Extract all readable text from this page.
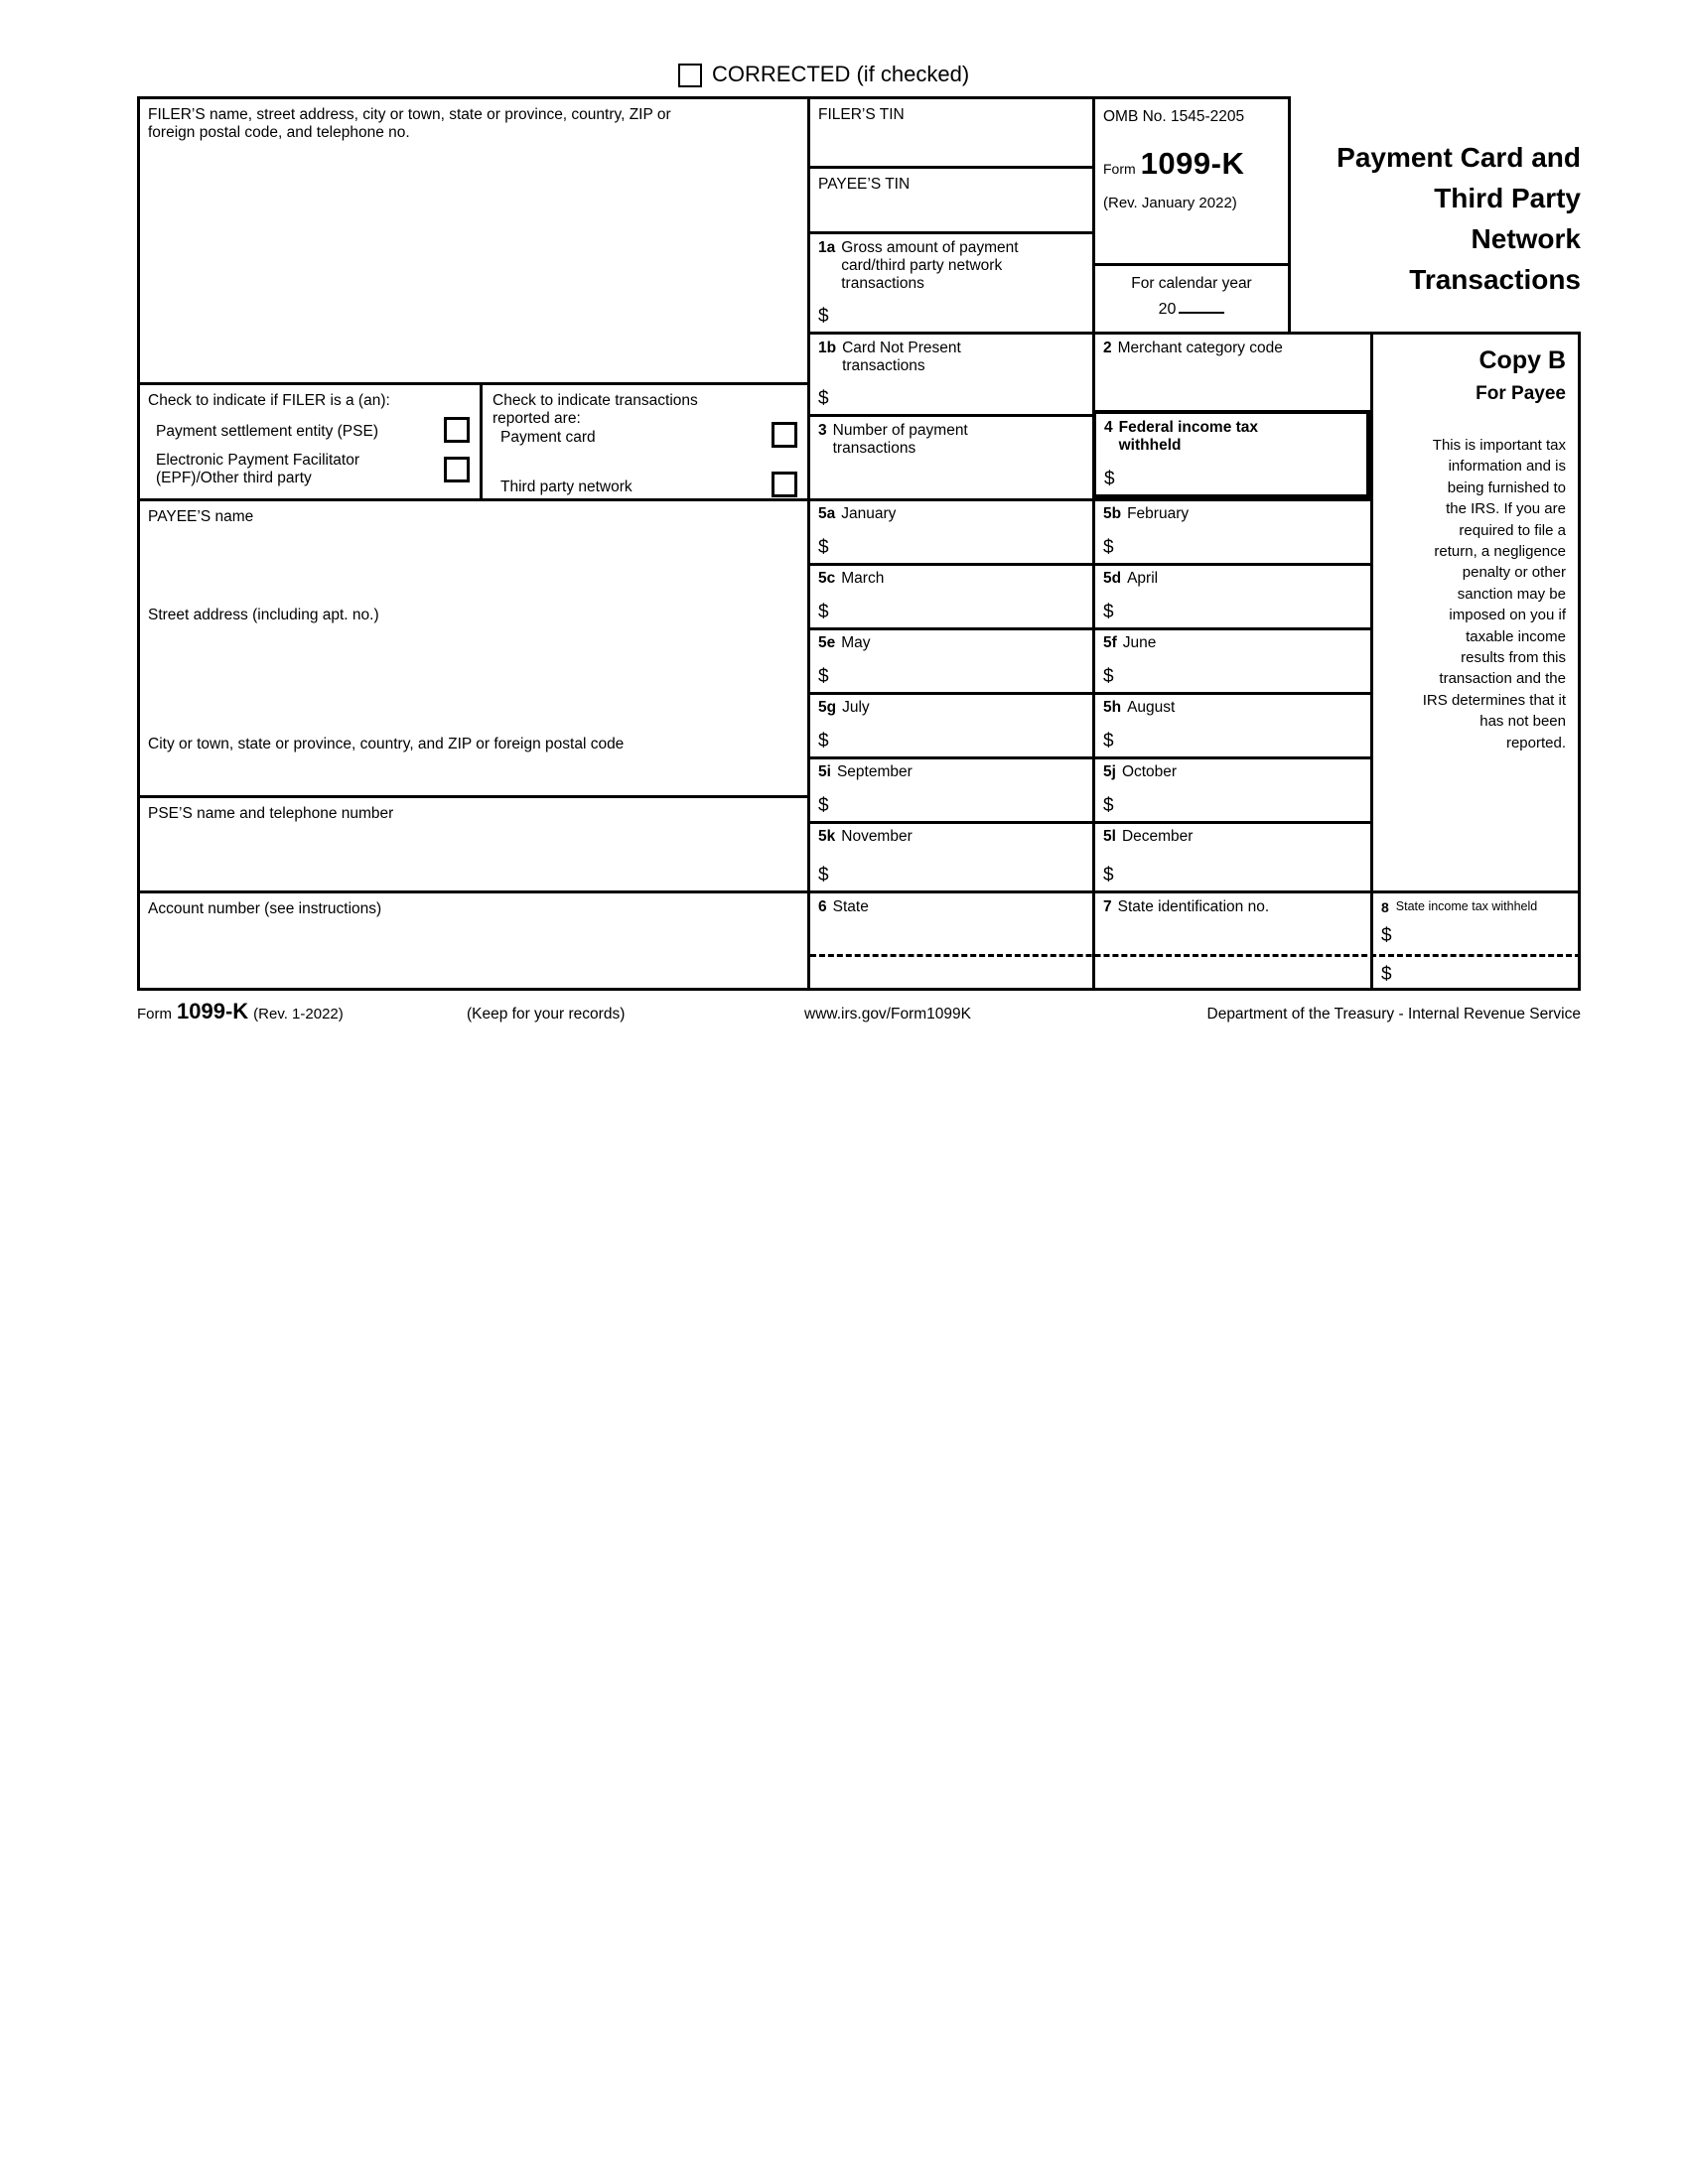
CORRECTED (if checked)
FILER’S name, street address, city or town, state or province, country, ZIP or foreign postal code, and telephone no.
Check to indicate if FILER is a (an):
Payment settlement entity (PSE)
Electronic Payment Facilitator (EPF)/Other third party
Check to indicate transactions reported are:
Payment card
Third party network
PAYEE’S name
Street address (including apt. no.)
City or town, state or province, country, and ZIP or foreign postal code
PSE’S name and telephone number
Account number (see instructions)
FILER’S TIN
PAYEE’S TIN
1a Gross amount of payment card/third party network transactions
$
1b Card Not Present transactions
$
3 Number of payment transactions
OMB No. 1545-2205
Form 1099-K
(Rev. January 2022)
For calendar year
20
2 Merchant category code
4 Federal income tax withheld
$
Payment Card and
Third Party
Network
Transactions
5a January
$
5b February
$
5c March
$
5d April
$
5e May
$
5f June
$
5g July
$
5h August
$
5i September
$
5j October
$
5k November
$
5l December
$
Copy B
For Payee
This is important tax
information and is
being furnished to
the IRS. If you are
required to file a
return, a negligence
penalty or other
sanction may be
imposed on you if
taxable income
results from this
transaction and the
IRS determines that it
has not been
reported.
6 State	7 State identification no.	8 State income tax withheld
$
$
Form 1099-K (Rev. 1-2022)	(Keep for your records)	www.irs.gov/Form1099K	Department of the Treasury - Internal Revenue Service
